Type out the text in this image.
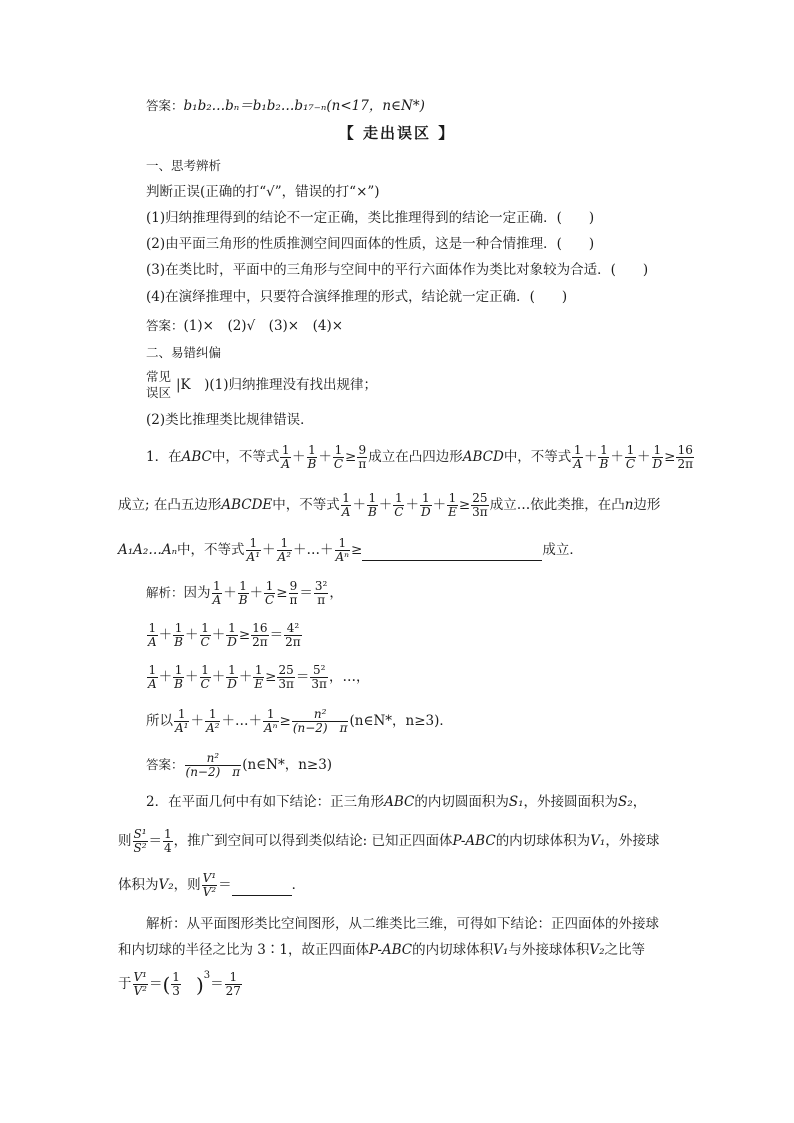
答案：b₁b₂…bₙ＝b₁b₂…b₁₇₋ₙ(n<17，n∈N*)
【 走出误区 】
一、思考辨析
判断正误(正确的打“√”，错误的打“×”)
(1)归纳推理得到的结论不一定正确，类比推理得到的结论一定正确．(　　)
(2)由平面三角形的性质推测空间四面体的性质，这是一种合情推理．(　　)
(3)在类比时，平面中的三角形与空间中的平行六面体作为类比对象较为合适．(　　)
(4)在演绎推理中，只要符合演绎推理的形式，结论就一定正确．(　　)
答案：(1)×　(2)√　(3)×　(4)×
二、易错纠偏
常见
误区 |K　)(1)归纳推理没有找出规律；
(2)类比推理类比规律错误．
1．在ABC中，不等式 $\frac{1}{A} + \frac{1}{B} + \frac{1}{C} \ge \frac{9}{\pi}$ 成立在凸四边形ABCD中，不等式 $\frac{1}{A} + \frac{1}{B} + \frac{1}{C} + \frac{1}{D} \ge \frac{16}{2\pi}$
成立; 在凸五边形ABCDE中，不等式 $\frac{1}{A} + \frac{1}{B} + \frac{1}{C} + \frac{1}{D} + \frac{1}{E} \ge \frac{25}{3\pi}$ 成立…依此类推，在凸n边形
A₁A₂…Aₙ中，不等式 $\frac{1}{\text{A¹}} + \frac{1}{\text{A²}}$ ＋…＋ $\frac{1}{\text{Aⁿ}}$ ≥	成立．
解析：因为 $\frac{1}{A} + \frac{1}{B} + \frac{1}{C} \ge \frac{9}{\pi} = \frac{\text{3²}}{\pi}$ ，
$\frac{1}{A} + \frac{1}{B} + \frac{1}{C} + \frac{1}{D} \ge \frac{16}{2\pi} = \frac{\text{4²}}{2\pi}$
$\frac{1}{A} + \frac{1}{B} + \frac{1}{C} + \frac{1}{D} + \frac{1}{E} \ge \frac{25}{3\pi} = \frac{\text{5²}}{3\pi}$ ，…，
所以 $\frac{1}{\text{A¹}} + \frac{1}{\text{A²}}$ ＋…＋ $\frac{1}{\text{Aⁿ}} \ge \frac{\text{n²}}{(n-2) \pi}$ (n∈N*，n≥3)．
答案： $\frac{\text{n²}}{(n-2) \pi}$ (n∈N*，n≥3)
2．在平面几何中有如下结论：正三角形ABC的内切圆面积为S₁，外接圆面积为S₂，
则 $\frac{\text{S¹}}{\text{S²}} = \frac{1}{4}$ ，推广到空间可以得到类似结论: 已知正四面体P-ABC的内切球体积为V₁，外接球
体积为V₂，则 $\frac{\text{V¹}}{\text{V²}}$ ＝	．
解析：从平面图形类比空间图形，从二维类比三维，可得如下结论：正四面体的外接球
和内切球的半径之比为 3∶1，故正四面体P-ABC的内切球体积V₁与外接球体积V₂之比等
于 $\frac{\text{V¹}}{\text{V²}}$ ＝( $\frac{1}{3} )^3= \frac{1}{27}$
